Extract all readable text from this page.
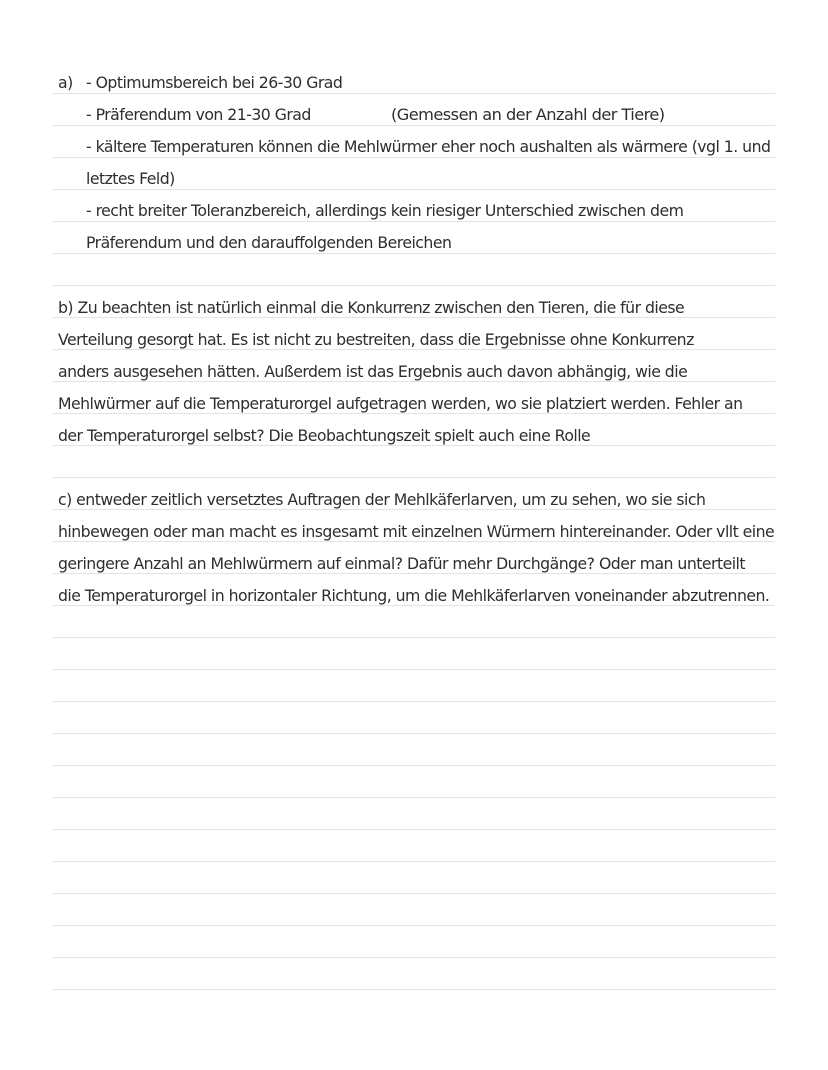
a) - Optimumsbereich bei 26-30 Grad
- Präferendum von 21-30 Grad	(Gemessen an der Anzahl der Tiere)
- kältere Temperaturen können die Mehlwürmer eher noch aushalten als wärmere (vgl 1. und
letztes Feld)
- recht breiter Toleranzbereich, allerdings kein riesiger Unterschied zwischen dem
Präferendum und den darauffolgenden Bereichen
b) Zu beachten ist natürlich einmal die Konkurrenz zwischen den Tieren, die für diese
Verteilung gesorgt hat. Es ist nicht zu bestreiten, dass die Ergebnisse ohne Konkurrenz
anders ausgesehen hätten. Außerdem ist das Ergebnis auch davon abhängig, wie die
Mehlwürmer auf die Temperaturorgel aufgetragen werden, wo sie platziert werden. Fehler an
der Temperaturorgel selbst? Die Beobachtungszeit spielt auch eine Rolle
c) entweder zeitlich versetztes Auftragen der Mehlkäferlarven, um zu sehen, wo sie sich
hinbewegen oder man macht es insgesamt mit einzelnen Würmern hintereinander. Oder vllt eine
geringere Anzahl an Mehlwürmern auf einmal? Dafür mehr Durchgänge? Oder man unterteilt
die Temperaturorgel in horizontaler Richtung, um die Mehlkäferlarven voneinander abzutrennen.
